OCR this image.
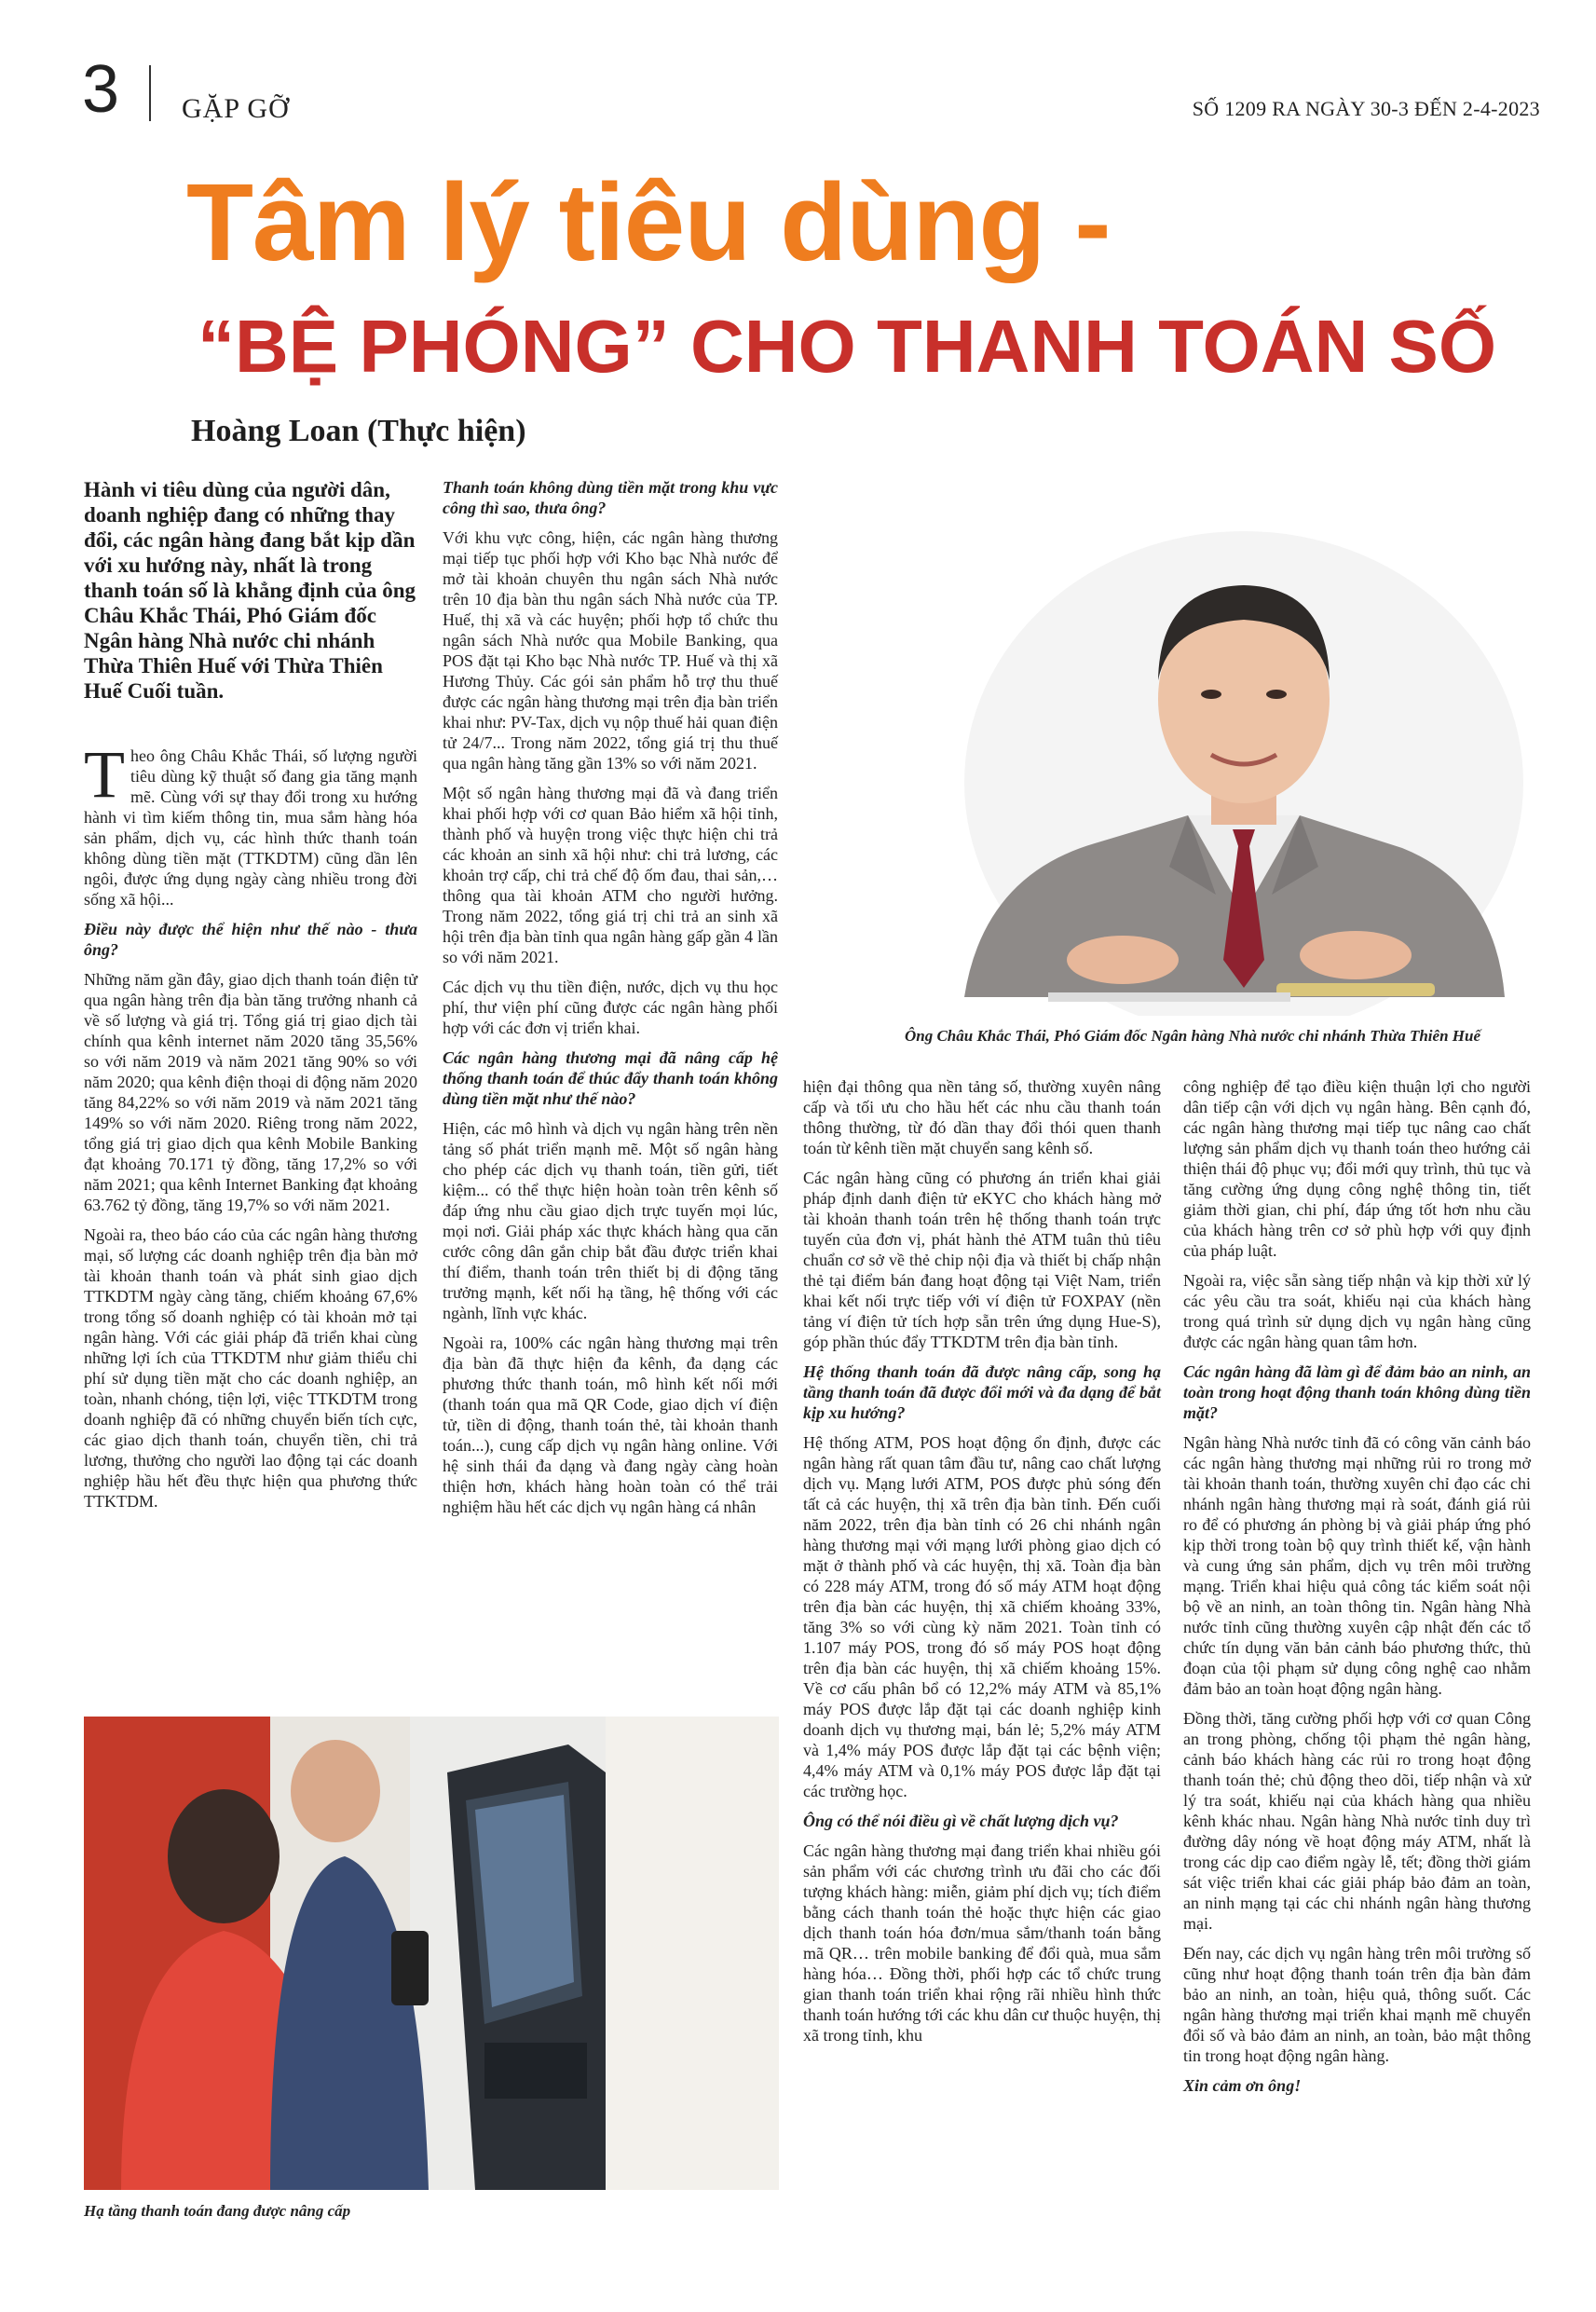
3 GẶP GỠ	SỐ 1209 RA NGÀY 30-3 ĐẾN 2-4-2023
Tâm lý tiêu dùng -
“BỆ PHÓNG” CHO THANH TOÁN SỐ
Hoàng Loan (Thực hiện)
Hành vi tiêu dùng của người dân, doanh nghiệp đang có những thay đổi, các ngân hàng đang bắt kịp dần với xu hướng này, nhất là trong thanh toán số là khẳng định của ông Châu Khắc Thái, Phó Giám đốc Ngân hàng Nhà nước chi nhánh Thừa Thiên Huế với Thừa Thiên Huế Cuối tuần.

Theo ông Châu Khắc Thái, số lượng người tiêu dùng kỹ thuật số đang gia tăng mạnh mẽ. Cùng với sự thay đổi trong xu hướng hành vi tìm kiếm thông tin, mua sắm hàng hóa sản phẩm, dịch vụ, các hình thức thanh toán không dùng tiền mặt (TTKDTM) cũng dần lên ngôi, được ứng dụng ngày càng nhiều trong đời sống xã hội...

Điều này được thể hiện như thế nào - thưa ông?

Những năm gần đây, giao dịch thanh toán điện tử qua ngân hàng trên địa bàn tăng trưởng nhanh cả về số lượng và giá trị. Tổng giá trị giao dịch tài chính qua kênh internet năm 2020 tăng 35,56% so với năm 2019 và năm 2021 tăng 90% so với năm 2020; qua kênh điện thoại di động năm 2020 tăng 84,22% so với năm 2019 và năm 2021 tăng 149% so với năm 2020. Riêng trong năm 2022, tổng giá trị giao dịch qua kênh Mobile Banking đạt khoảng 70.171 tỷ đồng, tăng 17,2% so với năm 2021; qua kênh Internet Banking đạt khoảng 63.762 tỷ đồng, tăng 19,7% so với năm 2021.

Ngoài ra, theo báo cáo của các ngân hàng thương mại, số lượng các doanh nghiệp trên địa bàn mở tài khoản thanh toán và phát sinh giao dịch TTKDTM ngày càng tăng, chiếm khoảng 67,6% trong tổng số doanh nghiệp có tài khoản mở tại ngân hàng. Với các giải pháp đã triển khai cùng những lợi ích của TTKDTM như giảm thiểu chi phí sử dụng tiền mặt cho các doanh nghiệp, an toàn, nhanh chóng, tiện lợi, việc TTKDTM trong doanh nghiệp đã có những chuyển biến tích cực, các giao dịch thanh toán, chuyển tiền, chi trả lương, thưởng cho người lao động tại các doanh nghiệp hầu hết đều thực hiện qua phương thức TTKTDM.

Thanh toán không dùng tiền mặt trong khu vực công thì sao, thưa ông?

Với khu vực công, hiện, các ngân hàng thương mại tiếp tục phối hợp với Kho bạc Nhà nước để mở tài khoản chuyên thu ngân sách Nhà nước trên 10 địa bàn thu ngân sách Nhà nước của TP. Huế, thị xã và các huyện; phối hợp tổ chức thu ngân sách Nhà nước qua Mobile Banking, qua POS đặt tại Kho bạc Nhà nước TP. Huế và thị xã Hương Thủy. Các gói sản phẩm hỗ trợ thu thuế được các ngân hàng thương mại trên địa bàn triển khai như: PV-Tax, dịch vụ nộp thuế hải quan điện tử 24/7... Trong năm 2022, tổng giá trị thu thuế qua ngân hàng tăng gần 13% so với năm 2021.

Một số ngân hàng thương mại đã và đang triển khai phối hợp với cơ quan Bảo hiểm xã hội tỉnh, thành phố và huyện trong việc thực hiện chi trả các khoản an sinh xã hội như: chi trả lương, các khoản trợ cấp, chi trả chế độ ốm đau, thai sản,… thông qua tài khoản ATM cho người hưởng. Trong năm 2022, tổng giá trị chi trả an sinh xã hội trên địa bàn tỉnh qua ngân hàng gấp gần 4 lần so với năm 2021.

Các dịch vụ thu tiền điện, nước, dịch vụ thu học phí, thư viện phí cũng được các ngân hàng phối hợp với các đơn vị triển khai.

Các ngân hàng thương mại đã nâng cấp hệ thống thanh toán để thúc đẩy thanh toán không dùng tiền mặt như thế nào?

Hiện, các mô hình và dịch vụ ngân hàng trên nền tảng số phát triển mạnh mẽ. Một số ngân hàng cho phép các dịch vụ thanh toán, tiền gửi, tiết kiệm... có thể thực hiện hoàn toàn trên kênh số đáp ứng nhu cầu giao dịch trực tuyến mọi lúc, mọi nơi. Giải pháp xác thực khách hàng qua căn cước công dân gắn chip bắt đầu được triển khai thí điểm, thanh toán trên thiết bị di động tăng trưởng mạnh, kết nối hạ tầng, hệ thống với các ngành, lĩnh vực khác.

Ngoài ra, 100% các ngân hàng thương mại trên địa bàn đã thực hiện đa kênh, đa dạng các phương thức thanh toán, mô hình kết nối mới (thanh toán qua mã QR Code, giao dịch ví điện tử, tiền di động, thanh toán thẻ, tài khoản thanh toán...), cung cấp dịch vụ ngân hàng online. Với hệ sinh thái đa dạng và đang ngày càng hoàn thiện hơn, khách hàng hoàn toàn có thể trải nghiệm hầu hết các dịch vụ ngân hàng cá nhân

Ông Châu Khắc Thái, Phó Giám đốc Ngân hàng Nhà nước chi nhánh Thừa Thiên Huế

hiện đại thông qua nền tảng số, thường xuyên nâng cấp và tối ưu cho hầu hết các nhu cầu thanh toán thông thường, từ đó dần thay đổi thói quen thanh toán từ kênh tiền mặt chuyển sang kênh số.

Các ngân hàng cũng có phương án triển khai giải pháp định danh điện tử eKYC cho khách hàng mở tài khoản thanh toán trên hệ thống thanh toán trực tuyến của đơn vị, phát hành thẻ ATM tuân thủ tiêu chuẩn cơ sở về thẻ chip nội địa và thiết bị chấp nhận thẻ tại điểm bán đang hoạt động tại Việt Nam, triển khai kết nối trực tiếp với ví điện tử FOXPAY (nền tảng ví điện tử tích hợp sẵn trên ứng dụng Hue-S), góp phần thúc đẩy TTKDTM trên địa bàn tỉnh.

Hệ thống thanh toán đã được nâng cấp, song hạ tầng thanh toán đã được đổi mới và đa dạng để bắt kịp xu hướng?

Hệ thống ATM, POS hoạt động ổn định, được các ngân hàng rất quan tâm đầu tư, nâng cao chất lượng dịch vụ. Mạng lưới ATM, POS được phủ sóng đến tất cả các huyện, thị xã trên địa bàn tỉnh. Đến cuối năm 2022, trên địa bàn tỉnh có 26 chi nhánh ngân hàng thương mại với mạng lưới phòng giao dịch có mặt ở thành phố và các huyện, thị xã. Toàn địa bàn có 228 máy ATM, trong đó số máy ATM hoạt động trên địa bàn các huyện, thị xã chiếm khoảng 33%, tăng 3% so với cùng kỳ năm 2021. Toàn tỉnh có 1.107 máy POS, trong đó số máy POS hoạt động trên địa bàn các huyện, thị xã chiếm khoảng 15%. Về cơ cấu phân bổ có 12,2% máy ATM và 85,1% máy POS được lắp đặt tại các doanh nghiệp kinh doanh dịch vụ thương mại, bán lẻ; 5,2% máy ATM và 1,4% máy POS được lắp đặt tại các bệnh viện; 4,4% máy ATM và 0,1% máy POS được lắp đặt tại các trường học.

Ông có thể nói điều gì về chất lượng dịch vụ?

Các ngân hàng thương mại đang triển khai nhiều gói sản phẩm với các chương trình ưu đãi cho các đối tượng khách hàng: miễn, giảm phí dịch vụ; tích điểm bằng cách thanh toán thẻ hoặc thực hiện các giao dịch thanh toán hóa đơn/mua sắm/thanh toán bằng mã QR… trên mobile banking để đổi quà, mua sắm hàng hóa… Đồng thời, phối hợp các tổ chức trung gian thanh toán triển khai rộng rãi nhiều hình thức thanh toán hướng tới các khu dân cư thuộc huyện, thị xã trong tỉnh, khu

công nghiệp để tạo điều kiện thuận lợi cho người dân tiếp cận với dịch vụ ngân hàng. Bên cạnh đó, các ngân hàng thương mại tiếp tục nâng cao chất lượng sản phẩm dịch vụ thanh toán theo hướng cải thiện thái độ phục vụ; đổi mới quy trình, thủ tục và tăng cường ứng dụng công nghệ thông tin, tiết giảm thời gian, chi phí, đáp ứng tốt hơn nhu cầu của khách hàng trên cơ sở phù hợp với quy định của pháp luật.

Ngoài ra, việc sẵn sàng tiếp nhận và kịp thời xử lý các yêu cầu tra soát, khiếu nại của khách hàng trong quá trình sử dụng dịch vụ ngân hàng cũng được các ngân hàng quan tâm hơn.

Các ngân hàng đã làm gì để đảm bảo an ninh, an toàn trong hoạt động thanh toán không dùng tiền mặt?

Ngân hàng Nhà nước tỉnh đã có công văn cảnh báo các ngân hàng thương mại những rủi ro trong mở tài khoản thanh toán, thường xuyên chỉ đạo các chi nhánh ngân hàng thương mại rà soát, đánh giá rủi ro để có phương án phòng bị và giải pháp ứng phó kịp thời trong toàn bộ quy trình thiết kế, vận hành và cung ứng sản phẩm, dịch vụ trên môi trường mạng. Triển khai hiệu quả công tác kiểm soát nội bộ về an ninh, an toàn thông tin. Ngân hàng Nhà nước tỉnh cũng thường xuyên cập nhật đến các tổ chức tín dụng văn bản cảnh báo phương thức, thủ đoạn của tội phạm sử dụng công nghệ cao nhằm đảm bảo an toàn hoạt động ngân hàng.

Đồng thời, tăng cường phối hợp với cơ quan Công an trong phòng, chống tội phạm thẻ ngân hàng, cảnh báo khách hàng các rủi ro trong hoạt động thanh toán thẻ; chủ động theo dõi, tiếp nhận và xử lý tra soát, khiếu nại của khách hàng qua nhiều kênh khác nhau. Ngân hàng Nhà nước tỉnh duy trì đường dây nóng về hoạt động máy ATM, nhất là trong các dịp cao điểm ngày lễ, tết; đồng thời giám sát việc triển khai các giải pháp bảo đảm an toàn, an ninh mạng tại các chi nhánh ngân hàng thương mại.

Đến nay, các dịch vụ ngân hàng trên môi trường số cũng như hoạt động thanh toán trên địa bàn đảm bảo an ninh, an toàn, hiệu quả, thông suốt. Các ngân hàng thương mại triển khai mạnh mẽ chuyển đổi số và bảo đảm an ninh, an toàn, bảo mật thông tin trong hoạt động ngân hàng.

Xin cảm ơn ông!

Hạ tầng thanh toán đang được nâng cấp
